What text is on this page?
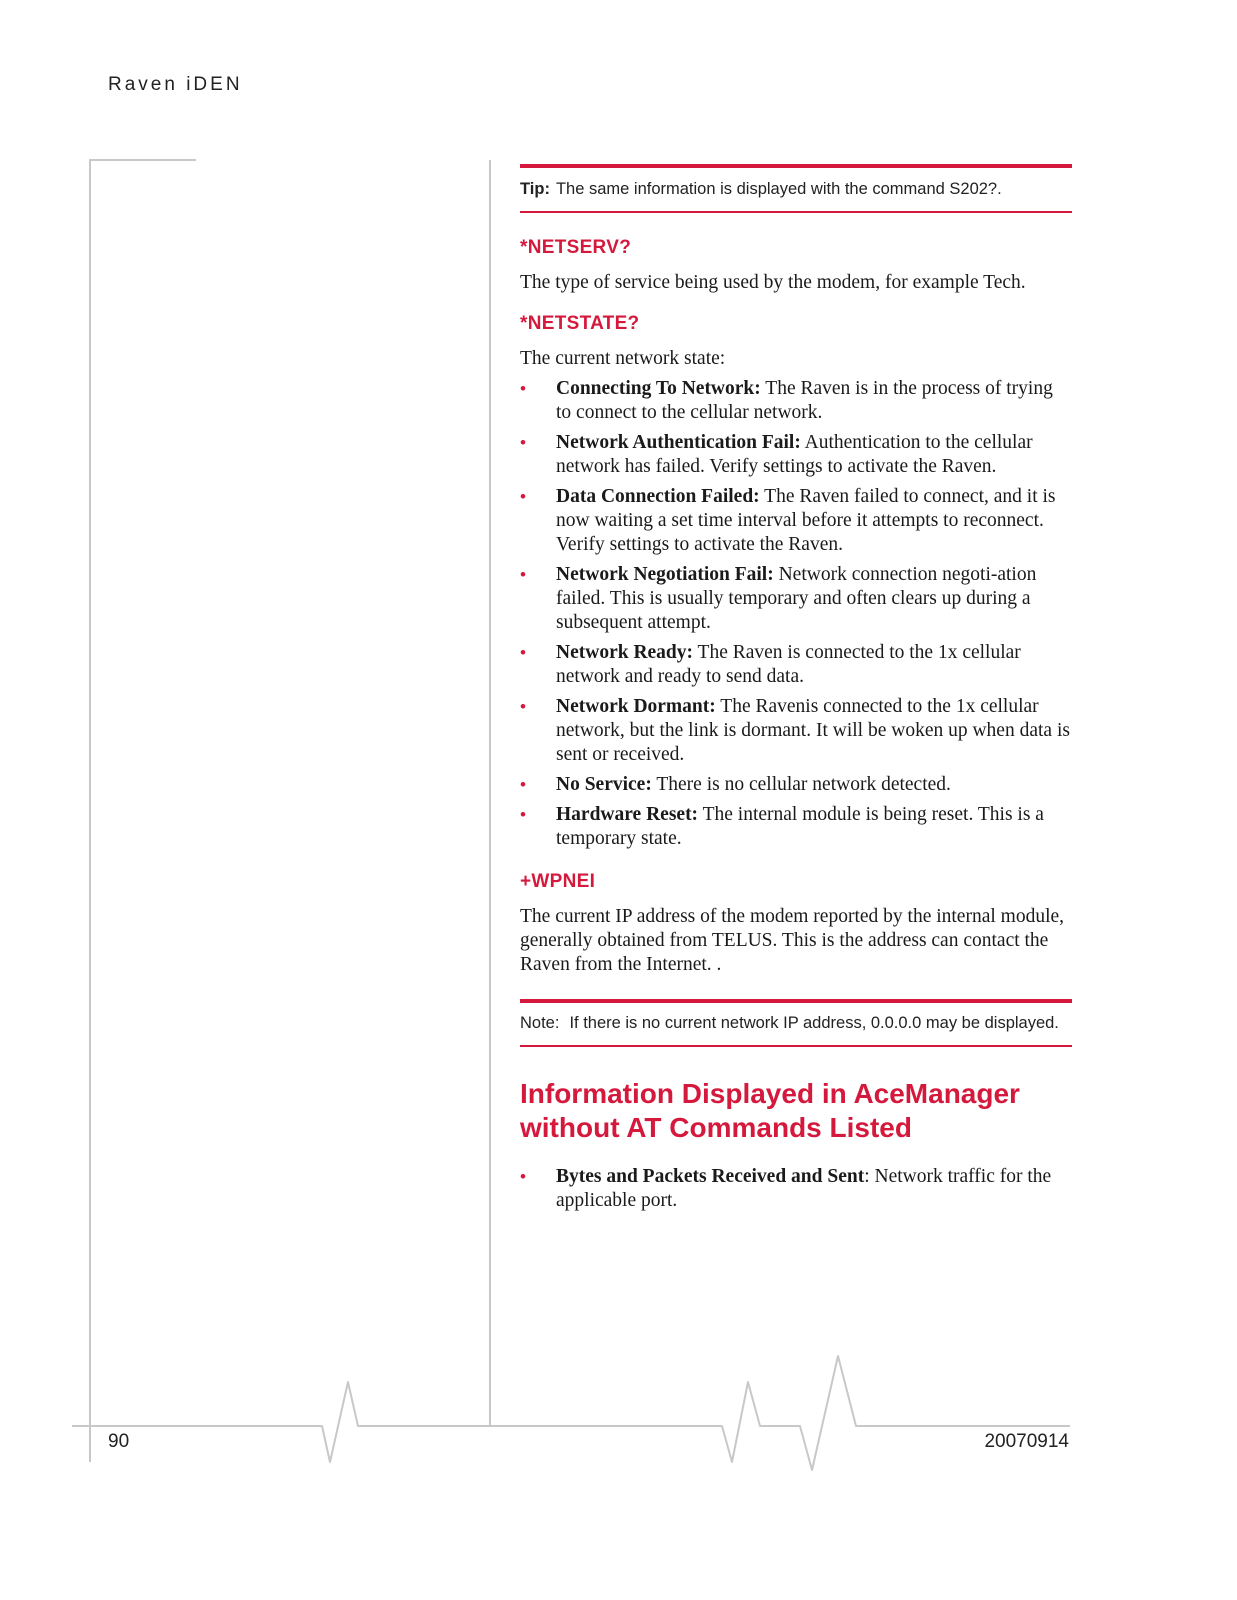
Raven iDEN
Tip: The same information is displayed with the command S202?.
*NETSERV?

The type of service being used by the modem, for example Tech.

*NETSTATE?

The current network state:

• Connecting To Network: The Raven is in the process of trying to connect to the cellular network.
• Network Authentication Fail: Authentication to the cellular network has failed. Verify settings to activate the Raven.
• Data Connection Failed: The Raven failed to connect, and it is now waiting a set time interval before it attempts to reconnect. Verify settings to activate the Raven.
• Network Negotiation Fail: Network connection negoti-ation failed. This is usually temporary and often clears up during a subsequent attempt.
• Network Ready: The Raven is connected to the 1x cellular network and ready to send data.
• Network Dormant: The Ravenis connected to the 1x cellular network, but the link is dormant. It will be woken up when data is sent or received.
• No Service: There is no cellular network detected.
• Hardware Reset: The internal module is being reset. This is a temporary state.
+WPNEI

The current IP address of the modem reported by the internal module, generally obtained from TELUS. This is the address can contact the Raven from the Internet. .

Note: If there is no current network IP address, 0.0.0.0 may be displayed.
Information Displayed in AceManager
without AT Commands Listed
• Bytes and Packets Received and Sent: Network traffic for the applicable port.
90	20070914
